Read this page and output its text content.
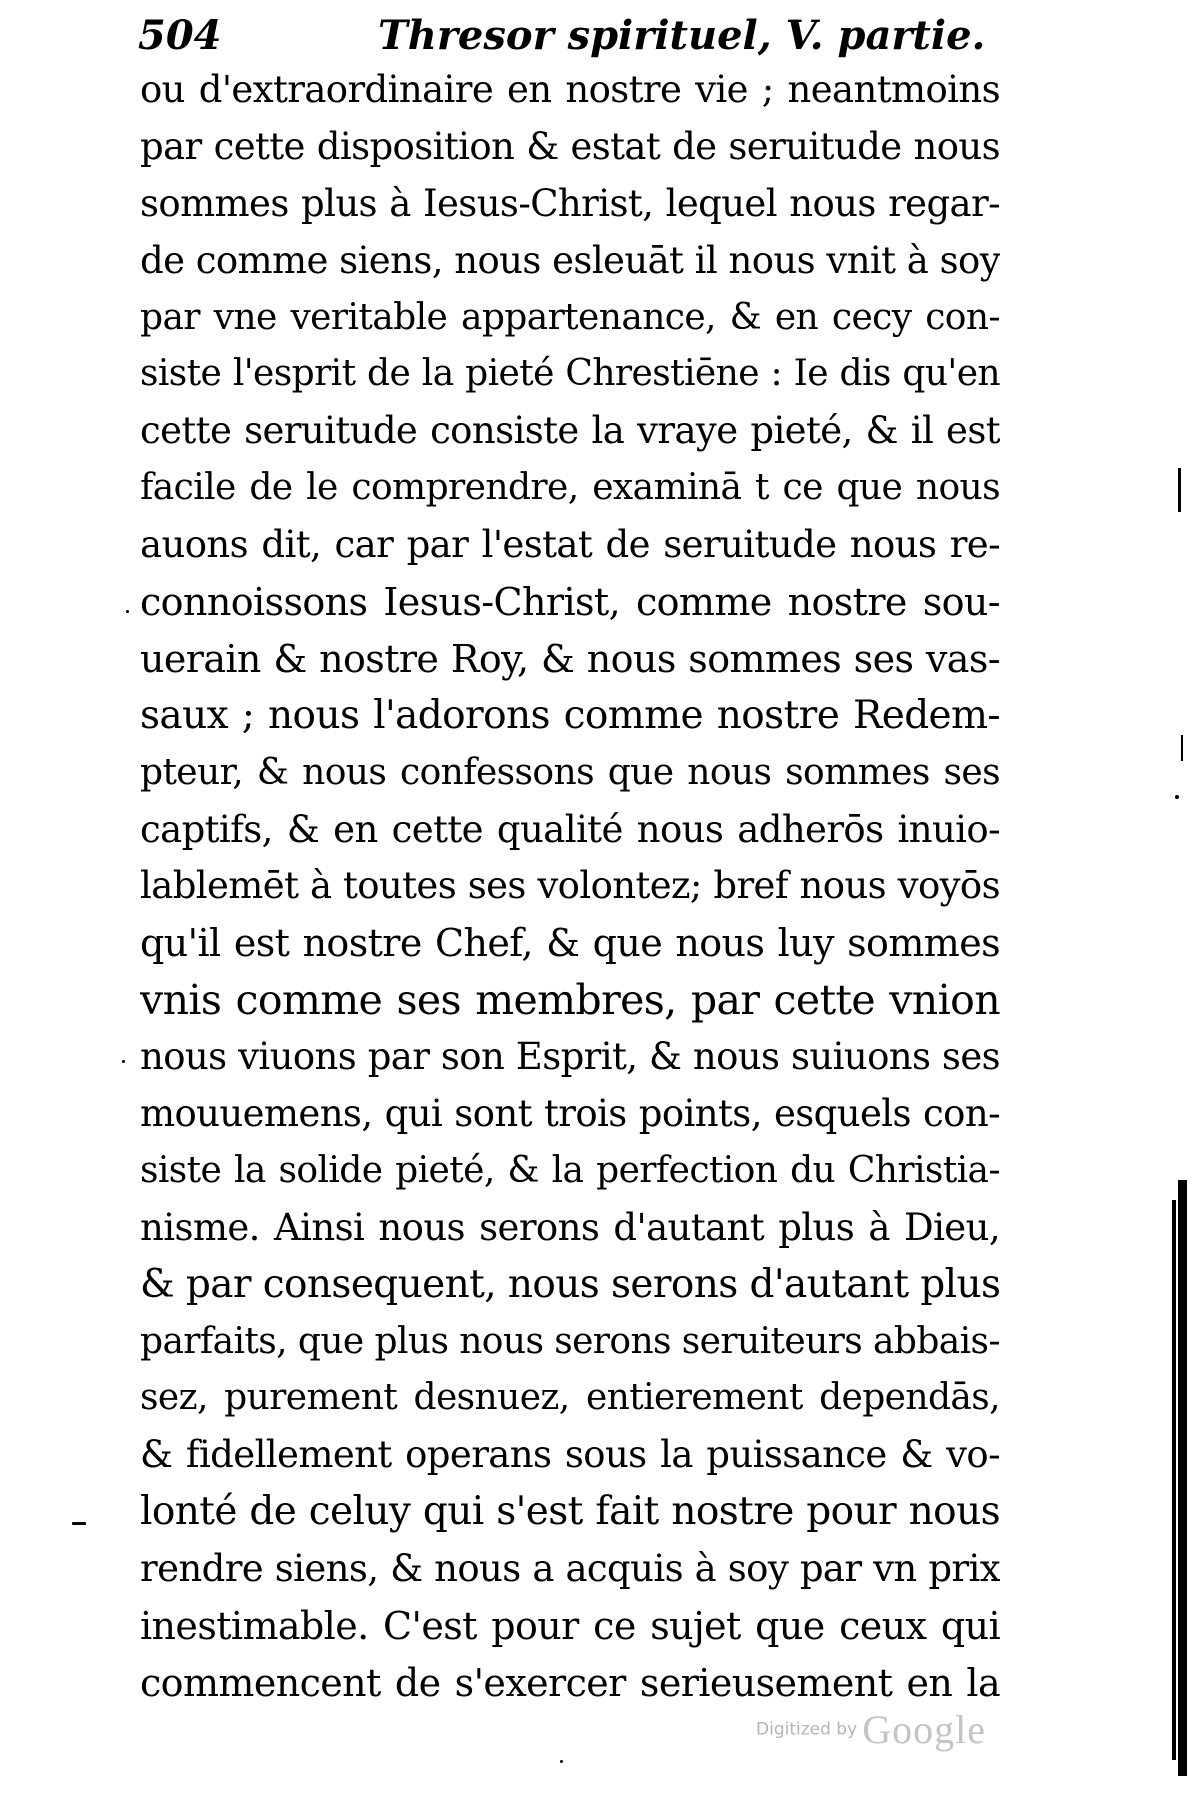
504	Thresor spirituel, V. partie.
ou d'extraordinaire en nostre vie ; neantmoins
par cette disposition & estat de seruitude nous
sommes plus à Iesus-Christ, lequel nous regar-
de comme siens, nous esleuāt il nous vnit à soy
par vne veritable appartenance, & en cecy con-
siste l'esprit de la pieté Chrestiēne : Ie dis qu'en
cette seruitude consiste la vraye pieté, & il est
facile de le comprendre, examinā t ce que nous
auons dit, car par l'estat de seruitude nous re-
connoissons Iesus-Christ, comme nostre sou-
uerain & nostre Roy, & nous sommes ses vas-
saux ; nous l'adorons comme nostre Redem-
pteur, & nous confessons que nous sommes ses
captifs, & en cette qualité nous adherōs inuio-
lablemēt à toutes ses volontez; bref nous voyōs
qu'il est nostre Chef, & que nous luy sommes
vnis comme ses membres, par cette vnion
nous viuons par son Esprit, & nous suiuons ses
mouuemens, qui sont trois points, esquels con-
siste la solide pieté, & la perfection du Christia-
nisme. Ainsi nous serons d'autant plus à Dieu,
& par consequent, nous serons d'autant plus
parfaits, que plus nous serons seruiteurs abbais-
sez, purement desnuez, entierement dependās,
& fidellement operans sous la puissance & vo-
lonté de celuy qui s'est fait nostre pour nous
rendre siens, & nous a acquis à soy par vn prix
inestimable. C'est pour ce sujet que ceux qui
commencent de s'exercer serieusement en la
Digitized by Google
